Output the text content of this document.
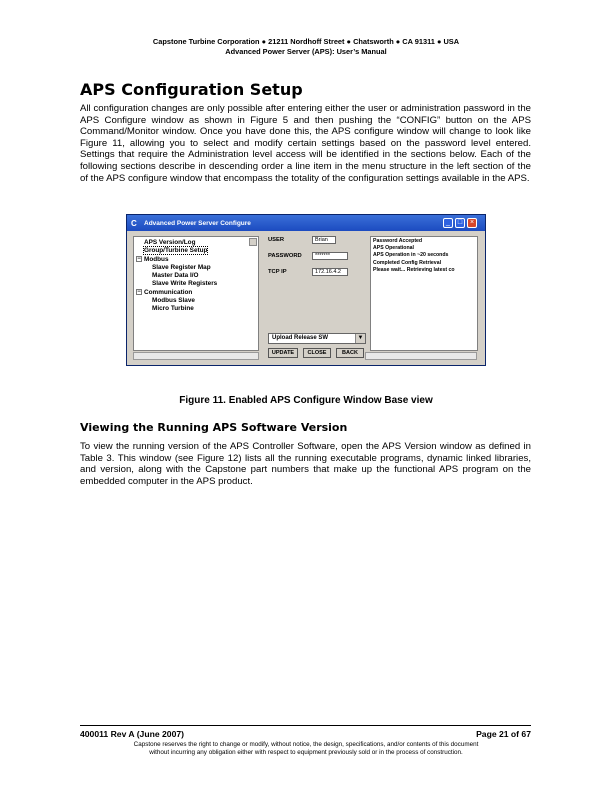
Capstone Turbine Corporation ● 21211 Nordhoff Street ● Chatsworth ● CA 91311 ● USA
Advanced Power Server (APS): User’s Manual
APS Configuration Setup

All configuration changes are only possible after entering either the user or administration password in the APS Configure window as shown in Figure 5 and then pushing the “CONFIG” button on the APS Command/Monitor window. Once you have done this, the APS configure window will change to look like Figure 11, allowing you to select and modify certain settings based on the password level entered. Settings that require the Administration level access will be identified in the sections below. Each of the following sections describe in descending order a line item in the menu structure in the left section of the of the APS configure window that encompass the totality of the configuration settings available in the APS.

C	Advanced Power Server Configure	_	□	×
APS Version/Log
Group/Turbine Setup
− Modbus
Slave Register Map
Master Data I/O
Slave Write Registers
− Communication
Modbus Slave
Micro Turbine
USER	Brian
PASSWORD	*******
TCP IP	172.16.4.2
Password Accepted
APS Operational
APS Operation in ~20 seconds
Completed Config Retrieval
Please wait... Retrieving latest co
Upload Release SW	▼
UPDATE	CLOSE	BACK
Figure 11. Enabled APS Configure Window Base view
Viewing the Running APS Software Version

To view the running version of the APS Controller Software, open the APS Version window as defined in Table 3. This window (see Figure 12) lists all the running executable programs, dynamic linked libraries, and version, along with the Capstone part numbers that make up the functional APS program on the embedded computer in the APS product.

400011 Rev A (June 2007)	Page 21 of 67
Capstone reserves the right to change or modify, without notice, the design, specifications, and/or contents of this document
without incurring any obligation either with respect to equipment previously sold or in the process of construction.
